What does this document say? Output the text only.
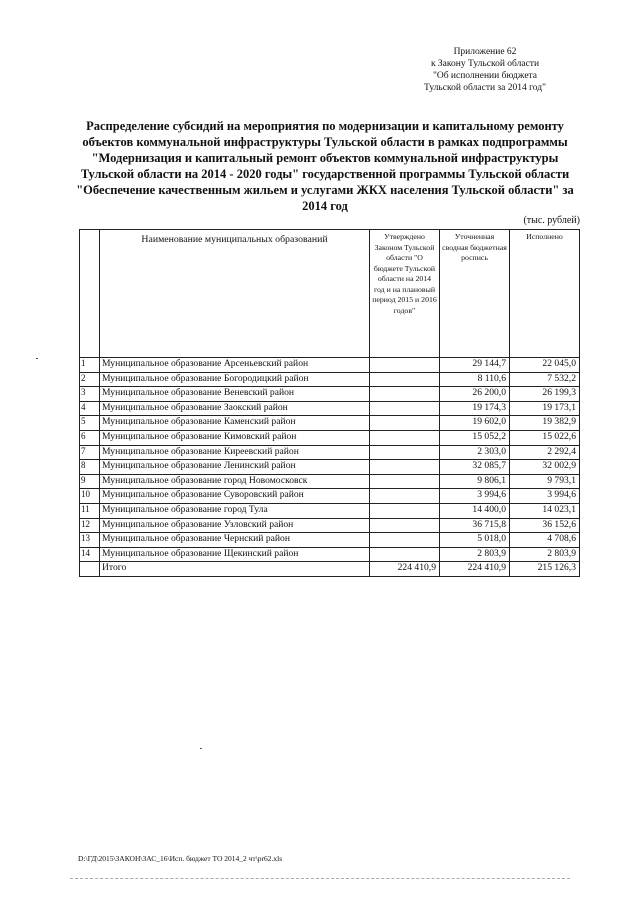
Приложение 62
к Закону Тульской области
"Об исполнении бюджета
Тульской области за 2014 год"
Распределение субсидий на мероприятия по модернизации и капитальному ремонту объектов коммунальной инфраструктуры Тульской области в рамках подпрограммы "Модернизация и капитальный ремонт объектов коммунальной инфраструктуры Тульской области на 2014 - 2020 годы" государственной программы Тульской области "Обеспечение качественным жильем и услугами ЖКХ населения Тульской области" за 2014 год
(тыс. рублей)
	Наименование муниципальных образований	Утверждено Законом Тульской области "О бюджете Тульской области на 2014 год и на плановый период 2015 и 2016 годов"	Уточненная сводная бюджетная роспись	Исполнено
1	Муниципальное образование Арсеньевский район		29 144,7	22 045,0
2	Муниципальное образование Богородицкий район		8 110,6	7 532,2
3	Муниципальное образование Веневский район		26 200,0	26 199,3
4	Муниципальное образование Заокский район		19 174,3	19 173,1
5	Муниципальное образование Каменский район		19 602,0	19 382,9
6	Муниципальное образование Кимовский район		15 052,2	15 022,6
7	Муниципальное образование Киреевский район		2 303,0	2 292,4
8	Муниципальное образование Ленинский район		32 085,7	32 002,9
9	Муниципальное образование город Новомосковск		9 806,1	9 793,1
10	Муниципальное образование Суворовский район		3 994,6	3 994,6
11	Муниципальное образование город Тула		14 400,0	14 023,1
12	Муниципальное образование Узловский район		36 715,8	36 152,6
13	Муниципальное образование Чернский район		5 018,0	4 708,6
14	Муниципальное образование Щекинский район		2 803,9	2 803,9
	Итого	224 410,9	224 410,9	215 126,3
D:\ГД\2015\ЗАКОН\ЗАС_16\Исп. бюджет ТО 2014_2 чт\pr62.xls
